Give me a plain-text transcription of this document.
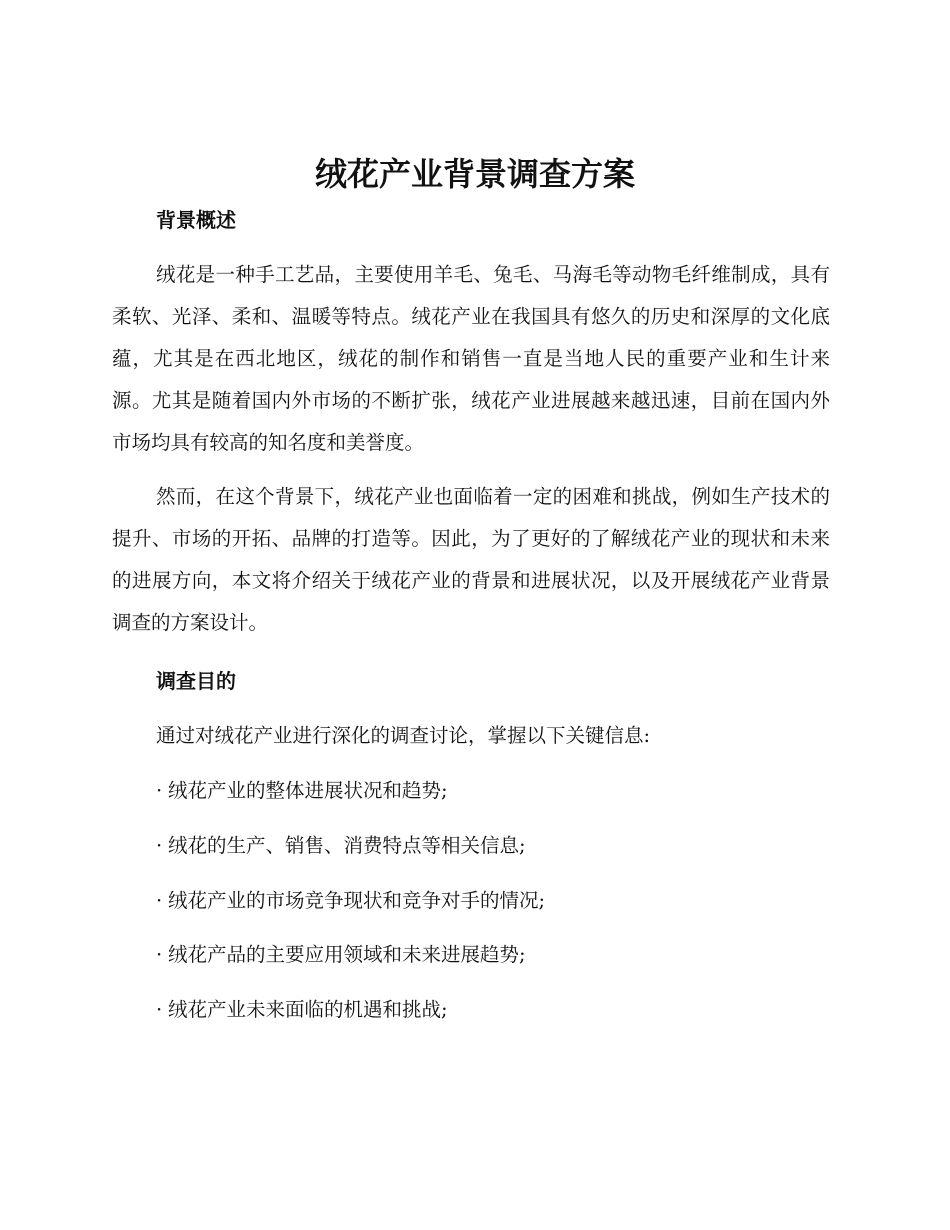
绒花产业背景调查方案
背景概述

绒花是一种手工艺品，主要使用羊毛、兔毛、马海毛等动物毛纤维制成，具有柔软、光泽、柔和、温暖等特点。绒花产业在我国具有悠久的历史和深厚的文化底蕴，尤其是在西北地区，绒花的制作和销售一直是当地人民的重要产业和生计来源。尤其是随着国内外市场的不断扩张，绒花产业进展越来越迅速，目前在国内外市场均具有较高的知名度和美誉度。

然而，在这个背景下，绒花产业也面临着一定的困难和挑战，例如生产技术的提升、市场的开拓、品牌的打造等。因此，为了更好的了解绒花产业的现状和未来的进展方向，本文将介绍关于绒花产业的背景和进展状况，以及开展绒花产业背景调查的方案设计。

调查目的

通过对绒花产业进行深化的调查讨论，掌握以下关键信息:

· 绒花产业的整体进展状况和趋势;

· 绒花的生产、销售、消费特点等相关信息;

· 绒花产业的市场竞争现状和竞争对手的情况;

· 绒花产品的主要应用领域和未来进展趋势;

· 绒花产业未来面临的机遇和挑战;
